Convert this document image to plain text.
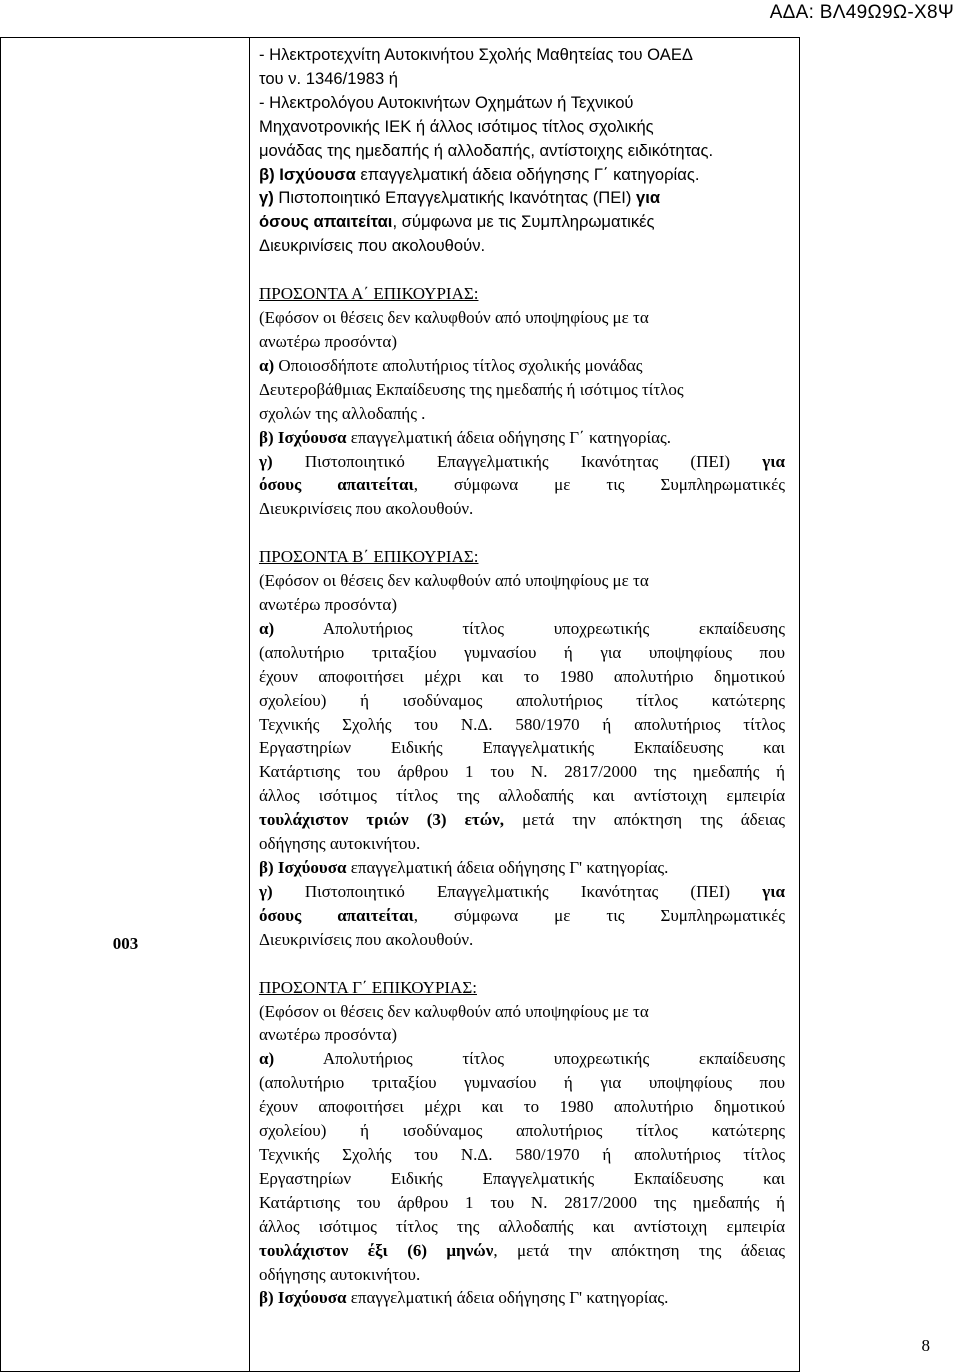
ΑΔΑ: ΒΛ49Ω9Ω-Χ8Ψ
003
- Ηλεκτροτεχνίτη Αυτοκινήτου Σχολής Μαθητείας του ΟΑΕΔ
του ν. 1346/1983 ή
- Ηλεκτρολόγου Αυτοκινήτων Οχημάτων ή Τεχνικού
Μηχανοτρονικής ΙΕΚ ή άλλος ισότιμος τίτλος σχολικής
μονάδας της ημεδαπής ή αλλοδαπής, αντίστοιχης ειδικότητας.
β) Ισχύουσα επαγγελματική άδεια οδήγησης Γ΄ κατηγορίας.
γ) Πιστοποιητικό Επαγγελματικής Ικανότητας (ΠΕΙ) για
όσους απαιτείται, σύμφωνα με τις Συμπληρωματικές
Διευκρινίσεις που ακολουθούν.
ΠΡΟΣΟΝΤΑ Α΄ ΕΠΙΚΟΥΡΙΑΣ:
(Εφόσον οι θέσεις δεν καλυφθούν από υποψηφίους με τα
ανωτέρω προσόντα)
α) Οποιοσδήποτε απολυτήριος τίτλος σχολικής μονάδας
Δευτεροβάθμιας Εκπαίδευσης της ημεδαπής ή ισότιμος τίτλος
σχολών της αλλοδαπής .
β) Ισχύουσα επαγγελματική άδεια οδήγησης Γ΄ κατηγορίας.
γ) Πιστοποιητικό Επαγγελματικής Ικανότητας (ΠΕΙ) για
όσους απαιτείται, σύμφωνα με τις Συμπληρωματικές
Διευκρινίσεις που ακολουθούν.
ΠΡΟΣΟΝΤΑ Β΄ ΕΠΙΚΟΥΡΙΑΣ:
(Εφόσον οι θέσεις δεν καλυφθούν από υποψηφίους με τα
ανωτέρω προσόντα)
α) Απολυτήριος τίτλος υποχρεωτικής εκπαίδευσης
(απολυτήριο τριταξίου γυμνασίου ή για υποψηφίους που
έχουν αποφοιτήσει μέχρι και το 1980 απολυτήριο δημοτικού
σχολείου) ή ισοδύναμος απολυτήριος τίτλος κατώτερης
Τεχνικής Σχολής του Ν.Δ. 580/1970 ή απολυτήριος τίτλος
Εργαστηρίων Ειδικής Επαγγελματικής Εκπαίδευσης και
Κατάρτισης του άρθρου 1 του Ν. 2817/2000 της ημεδαπής ή
άλλος ισότιμος τίτλος της αλλοδαπής και αντίστοιχη εμπειρία
τουλάχιστον τριών (3) ετών, μετά την απόκτηση της άδειας
οδήγησης αυτοκινήτου.
β) Ισχύουσα επαγγελματική άδεια οδήγησης Γ' κατηγορίας.
γ) Πιστοποιητικό Επαγγελματικής Ικανότητας (ΠΕΙ) για
όσους απαιτείται, σύμφωνα με τις Συμπληρωματικές
Διευκρινίσεις που ακολουθούν.
ΠΡΟΣΟΝΤΑ Γ΄ ΕΠΙΚΟΥΡΙΑΣ:
(Εφόσον οι θέσεις δεν καλυφθούν από υποψηφίους με τα
ανωτέρω προσόντα)
α) Απολυτήριος τίτλος υποχρεωτικής εκπαίδευσης
(απολυτήριο τριταξίου γυμνασίου ή για υποψηφίους που
έχουν αποφοιτήσει μέχρι και το 1980 απολυτήριο δημοτικού
σχολείου) ή ισοδύναμος απολυτήριος τίτλος κατώτερης
Τεχνικής Σχολής του Ν.Δ. 580/1970 ή απολυτήριος τίτλος
Εργαστηρίων Ειδικής Επαγγελματικής Εκπαίδευσης και
Κατάρτισης του άρθρου 1 του Ν. 2817/2000 της ημεδαπής ή
άλλος ισότιμος τίτλος της αλλοδαπής και αντίστοιχη εμπειρία
τουλάχιστον έξι (6) μηνών, μετά την απόκτηση της άδειας
οδήγησης αυτοκινήτου.
β) Ισχύουσα επαγγελματική άδεια οδήγησης Γ' κατηγορίας.
8
